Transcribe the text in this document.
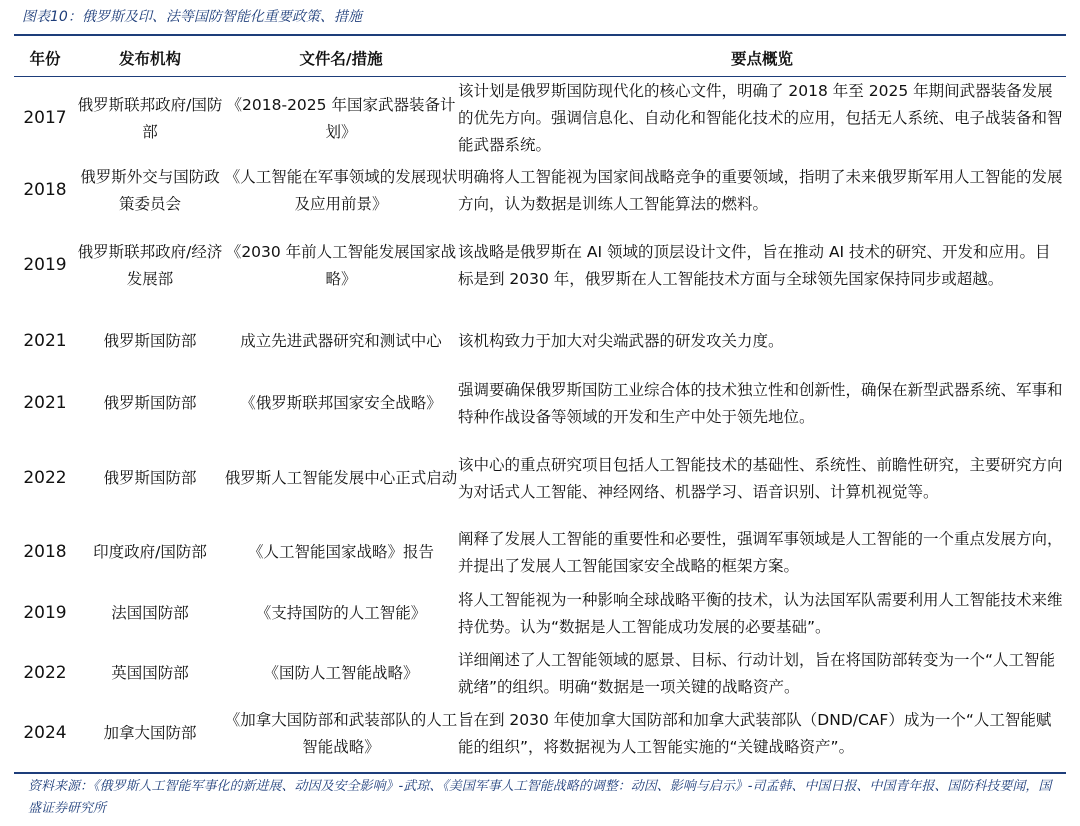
图表10：俄罗斯及印、法等国防智能化重要政策、措施
年份	发布机构	文件名/措施	要点概览
2017	俄罗斯联邦政府/国防部	《2018-2025 年国家武器装备计划》	该计划是俄罗斯国防现代化的核心文件，明确了 2018 年至 2025 年期间武器装备发展的优先方向。强调信息化、自动化和智能化技术的应用，包括无人系统、电子战装备和智能武器系统。
2018	俄罗斯外交与国防政策委员会	《人工智能在军事领域的发展现状及应用前景》	明确将人工智能视为国家间战略竞争的重要领域，指明了未来俄罗斯军用人工智能的发展方向，认为数据是训练人工智能算法的燃料。
2019	俄罗斯联邦政府/经济发展部	《2030 年前人工智能发展国家战略》	该战略是俄罗斯在 AI 领域的顶层设计文件，旨在推动 AI 技术的研究、开发和应用。目标是到 2030 年，俄罗斯在人工智能技术方面与全球领先国家保持同步或超越。
2021	俄罗斯国防部	成立先进武器研究和测试中心	该机构致力于加大对尖端武器的研发攻关力度。
2021	俄罗斯国防部	《俄罗斯联邦国家安全战略》	强调要确保俄罗斯国防工业综合体的技术独立性和创新性，确保在新型武器系统、军事和特种作战设备等领域的开发和生产中处于领先地位。
2022	俄罗斯国防部	俄罗斯人工智能发展中心正式启动	该中心的重点研究项目包括人工智能技术的基础性、系统性、前瞻性研究，主要研究方向为对话式人工智能、神经网络、机器学习、语音识别、计算机视觉等。
2018	印度政府/国防部	《人工智能国家战略》报告	阐释了发展人工智能的重要性和必要性，强调军事领域是人工智能的一个重点发展方向，并提出了发展人工智能国家安全战略的框架方案。
2019	法国国防部	《支持国防的人工智能》	将人工智能视为一种影响全球战略平衡的技术，认为法国军队需要利用人工智能技术来维持优势。认为“数据是人工智能成功发展的必要基础”。
2022	英国国防部	《国防人工智能战略》	详细阐述了人工智能领域的愿景、目标、行动计划，旨在将国防部转变为一个“人工智能就绪”的组织。明确“数据是一项关键的战略资产。
2024	加拿大国防部	《加拿大国防部和武装部队的人工智能战略》	旨在到 2030 年使加拿大国防部和加拿大武装部队（DND/CAF）成为一个“人工智能赋能的组织”，将数据视为人工智能实施的“关键战略资产”。
资料来源：《俄罗斯人工智能军事化的新进展、动因及安全影响》-武琼、《美国军事人工智能战略的调整：动因、影响与启示》-司孟韩、中国日报、中国青年报、国防科技要闻，国盛证券研究所
